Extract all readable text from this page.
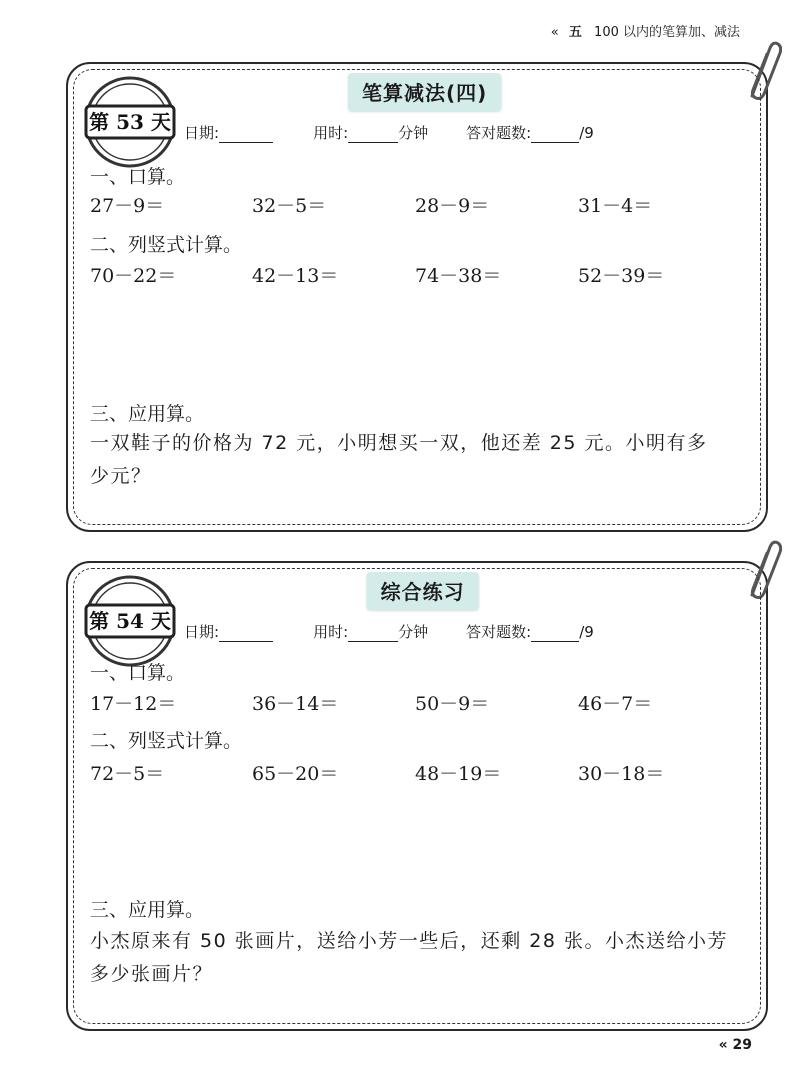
« 五 100 以内的笔算加、减法
第 53 天
笔算减法(四)
日期:	用时:	分钟	答对题数:	/9
一、口算。
27－9＝	32－5＝	28－9＝	31－4＝
二、列竖式计算。
70－22＝	42－13＝	74－38＝	52－39＝
三、应用算。
一双鞋子的价格为 72 元，小明想买一双，他还差 25 元。小明有多
少元？
第 54 天
综合练习
日期:	用时:	分钟	答对题数:	/9
一、口算。
17－12＝	36－14＝	50－9＝	46－7＝
二、列竖式计算。
72－5＝	65－20＝	48－19＝	30－18＝
三、应用算。
小杰原来有 50 张画片，送给小芳一些后，还剩 28 张。小杰送给小芳
多少张画片？
« 29
